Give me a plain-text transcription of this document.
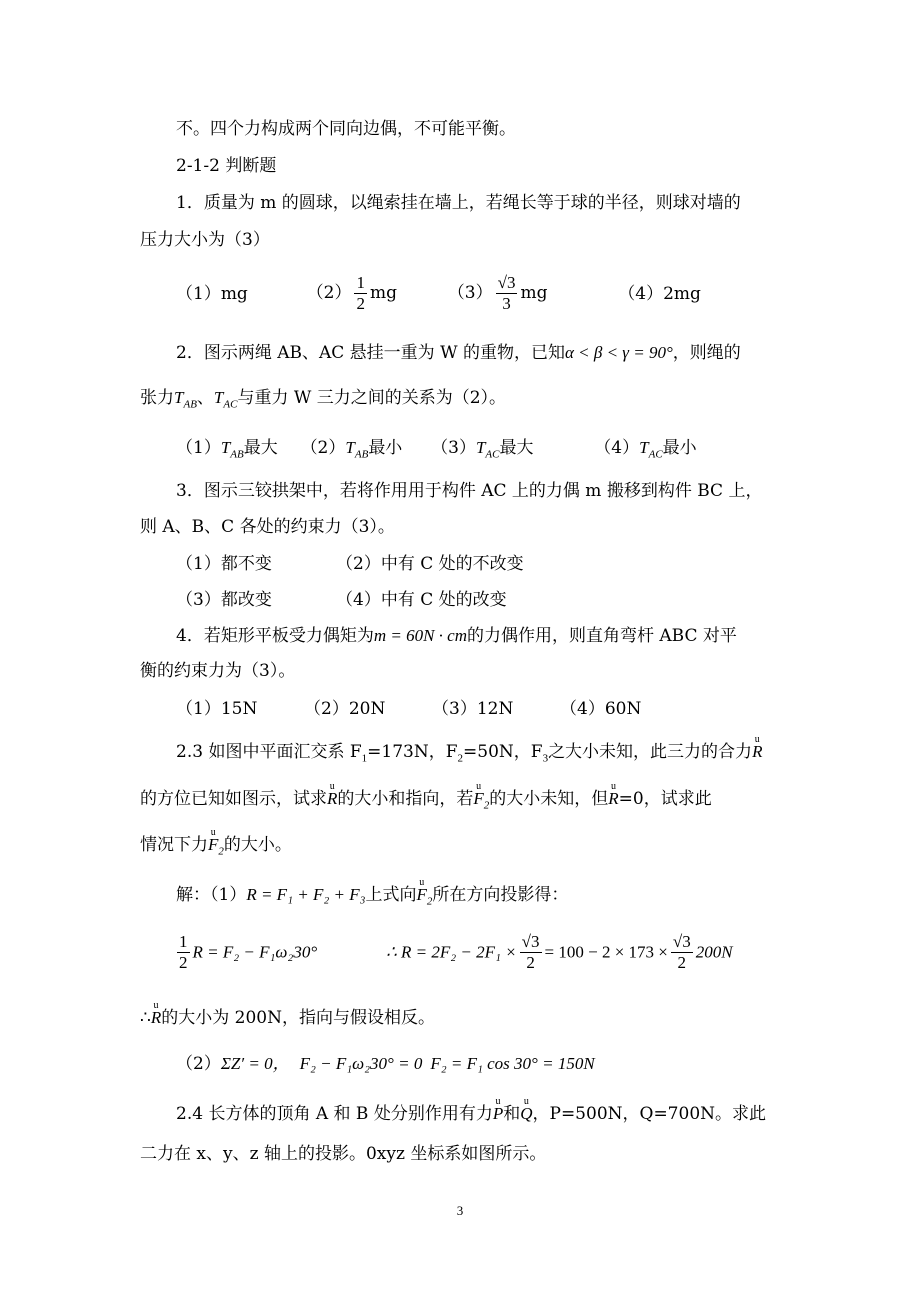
不。四个力构成两个同向边偶，不可能平衡。
2-1-2 判断题
1．质量为 m 的圆球，以绳索挂在墙上，若绳长等于球的半径，则球对墙的
压力大小为（3）
（1）mg	$(2) \frac{1}{2}$ mg	$(3) \frac{√3}{3}$ mg	（4）2mg
2．图示两绳 AB、AC 悬挂一重为 W 的重物，已知α < β < γ = 90°，则绳的
张力$T_{AB}$、$T_{AC}$与重力 W 三力之间的关系为（2）。
$(1)T_{AB}$最大 $(2)T_{AB}$最小 $(3)T_{AC}$最大	$(4)T_{AC}$最小
3．图示三铰拱架中，若将作用用于构件 AC 上的力偶 m 搬移到构件 BC 上，
则 A、B、C 各处的约束力（3）。
（1）都不变	（2）中有 C 处的不改变
（3）都改变	（4）中有 C 处的改变
4．若矩形平板受力偶矩为m = 60N · cm的力偶作用，则直角弯杆 ABC 对平
衡的约束力为（3）。
（1）15N	（2）20N	（3）12N	（4）60N
2.3 如图中平面汇交系 $F_1=173N$，$F_2=50N$，$F_3$之大小未知，此三力的合力u R
的方位已知如图示，试求u R的大小和指向，若u $F_2$的大小未知，但u R=0，试求此
情况下力u $F_2$的大小。
解：（1）R = F₁ + F₂ + F₃上式向u $F_2$所在方向投影得：
$\frac{1}{2}$ R = F₂ − F₁ω₂30°	∴ $R = 2F_2 - 2F_1 \times \frac{√3}{2} = 100 - 2 \times 173 \times \frac{√3}{2} 200N$
∴u R的大小为 200N，指向与假设相反。
（2）ΣZ′ = 0， F₂ − F₁ω₂30° = 0 F₂ = F₁ cos 30° = 150N
2.4 长方体的顶角 A 和 B 处分别作用有力u P和u Q，P=500N，Q=700N。求此
二力在 x、y、z 轴上的投影。0xyz 坐标系如图所示。
3
